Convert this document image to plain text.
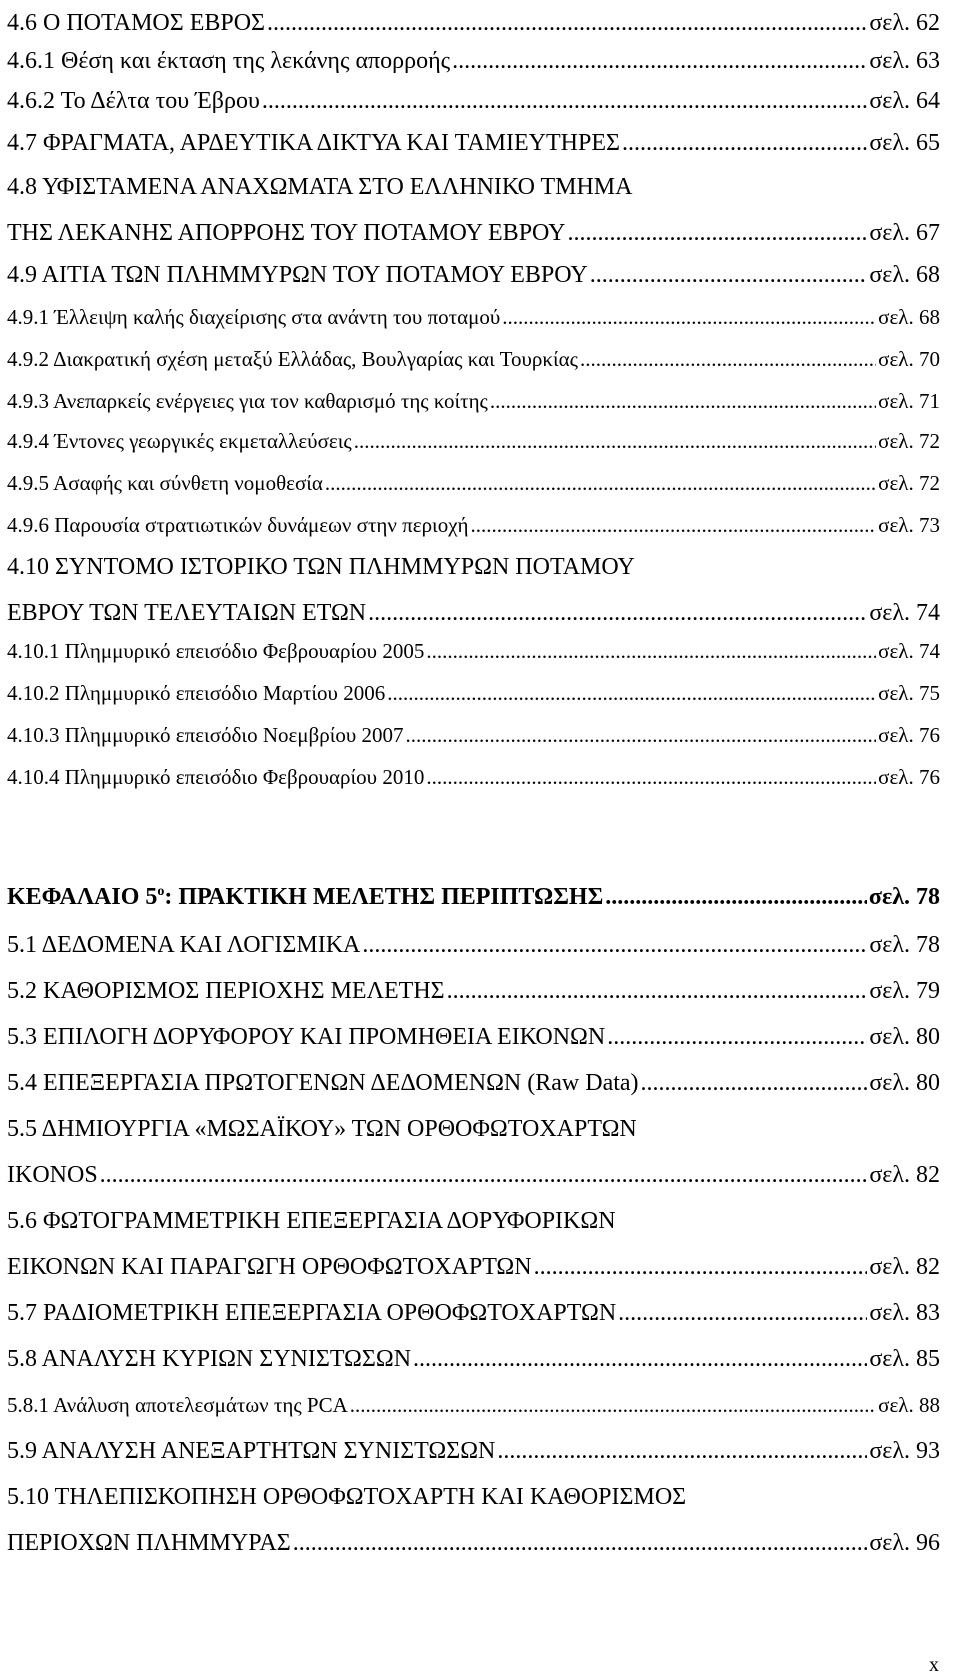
4.6 Ο ΠΟΤΑΜΟΣ ΕΒΡΟΣ .....	σελ. 62
4.6.1 Θέση και έκταση της λεκάνης απορροής .....	σελ. 63
4.6.2 Το Δέλτα του Έβρου .....	σελ. 64
4.7 ΦΡΑΓΜΑΤΑ, ΑΡΔΕΥΤΙΚΑ ΔΙΚΤΥΑ ΚΑΙ ΤΑΜΙΕΥΤΗΡΕΣ .....	σελ. 65
4.8 ΥΦΙΣΤΑΜΕΝΑ ΑΝΑΧΩΜΑΤΑ ΣΤΟ ΕΛΛΗΝΙΚΟ ΤΜΗΜΑ
ΤΗΣ ΛΕΚΑΝΗΣ ΑΠΟΡΡΟΗΣ ΤΟΥ ΠΟΤΑΜΟΥ ΕΒΡΟΥ .....	σελ. 67
4.9 ΑΙΤΙΑ ΤΩΝ ΠΛΗΜΜΥΡΩΝ ΤΟΥ ΠΟΤΑΜΟΥ ΕΒΡΟΥ .....	σελ. 68
4.9.1 Έλλειψη καλής διαχείρισης στα ανάντη του ποταμού .....	σελ. 68
4.9.2 Διακρατική σχέση μεταξύ Ελλάδας, Βουλγαρίας και Τουρκίας .....	σελ. 70
4.9.3 Ανεπαρκείς ενέργειες για τον καθαρισμό της κοίτης .....	σελ. 71
4.9.4 Έντονες γεωργικές εκμεταλλεύσεις .....	σελ. 72
4.9.5 Ασαφής και σύνθετη νομοθεσία .....	σελ. 72
4.9.6 Παρουσία στρατιωτικών δυνάμεων στην περιοχή .....	σελ. 73
4.10 ΣΥΝΤΟΜΟ ΙΣΤΟΡΙΚΟ ΤΩΝ ΠΛΗΜΜΥΡΩΝ ΠΟΤΑΜΟΥ
ΕΒΡΟΥ ΤΩΝ ΤΕΛΕΥΤΑΙΩΝ ΕΤΩΝ .....	σελ. 74
4.10.1 Πλημμυρικό επεισόδιο Φεβρουαρίου 2005 .....	σελ. 74
4.10.2 Πλημμυρικό επεισόδιο Μαρτίου 2006 .....	σελ. 75
4.10.3 Πλημμυρικό επεισόδιο Νοεμβρίου 2007 .....	σελ. 76
4.10.4 Πλημμυρικό επεισόδιο Φεβρουαρίου 2010 .....	σελ. 76
ΚΕΦΑΛΑΙΟ $5^o$: ΠΡΑΚΤΙΚΗ ΜΕΛΕΤΗΣ ΠΕΡΙΠΤΩΣΗΣ .....	σελ. 78
5.1 ΔΕΔΟΜΕΝΑ ΚΑΙ ΛΟΓΙΣΜΙΚΑ .....	σελ. 78
5.2 ΚΑΘΟΡΙΣΜΟΣ ΠΕΡΙΟΧΗΣ ΜΕΛΕΤΗΣ .....	σελ. 79
5.3 ΕΠΙΛΟΓΗ ΔΟΡΥΦΟΡΟΥ ΚΑΙ ΠΡΟΜΗΘΕΙΑ ΕΙΚΟΝΩΝ .....	σελ. 80
5.4 ΕΠΕΞΕΡΓΑΣΙΑ ΠΡΩΤΟΓΕΝΩΝ ΔΕΔΟΜΕΝΩΝ (Raw Data) .....	σελ. 80
5.5 ΔΗΜΙΟΥΡΓΙΑ «ΜΩΣΑΪΚΟΥ» ΤΩΝ ΟΡΘΟΦΩΤΟΧΑΡΤΩΝ
IKONOS .....	σελ. 82
5.6 ΦΩΤΟΓΡΑΜΜΕΤΡΙΚΗ ΕΠΕΞΕΡΓΑΣΙΑ ΔΟΡΥΦΟΡΙΚΩΝ
ΕΙΚΟΝΩΝ ΚΑΙ ΠΑΡΑΓΩΓΗ ΟΡΘΟΦΩΤΟΧΑΡΤΩΝ .....	σελ. 82
5.7 ΡΑΔΙΟΜΕΤΡΙΚΗ ΕΠΕΞΕΡΓΑΣΙΑ ΟΡΘΟΦΩΤΟΧΑΡΤΩΝ .....	σελ. 83
5.8 ΑΝΑΛΥΣΗ ΚΥΡΙΩΝ ΣΥΝΙΣΤΩΣΩΝ .....	σελ. 85
5.8.1 Ανάλυση αποτελεσμάτων της PCA .....	σελ. 88
5.9 ΑΝΑΛΥΣΗ ΑΝΕΞΑΡΤΗΤΩΝ ΣΥΝΙΣΤΩΣΩΝ .....	σελ. 93
5.10 ΤΗΛΕΠΙΣΚΟΠΗΣΗ ΟΡΘΟΦΩΤΟΧΑΡΤΗ ΚΑΙ ΚΑΘΟΡΙΣΜΟΣ
ΠΕΡΙΟΧΩΝ ΠΛΗΜΜΥΡΑΣ .....	σελ. 96
x
